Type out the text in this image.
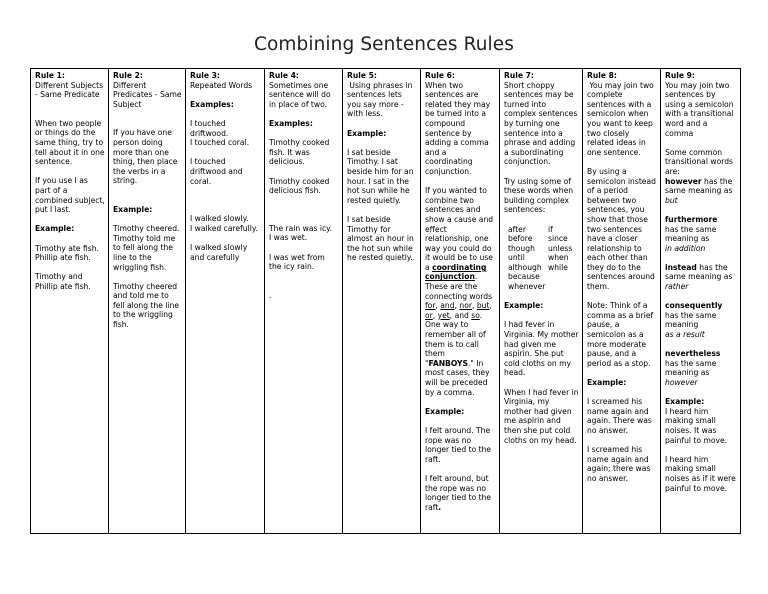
Combining Sentences Rules
Rule 1:
Different Subjects - Same Predicate
When two people or things do the same thing, try to tell about it in one sentence.
If you use I as part of a combined subject, put I last.
Example:
Timothy ate fish.
Phillip ate fish.
Timothy and Phillip ate fish.

Rule 2:
Different Predicates - Same Subject
If you have one person doing more than one thing, then place the verbs in a string.
Example:
Timothy cheered. Timothy told me to fell along the line to the wriggling fish.
Timothy cheered and told me to fell along the line to the wriggling fish.

Rule 3:
Repeated Words
Examples:
I touched driftwood.
I touched coral.
I touched driftwood and coral.
I walked slowly.
I walked carefully.
I walked slowly and carefully

Rule 4:
Sometimes one sentence will do in place of two.
Examples:
Timothy cooked fish. It was delicious.
Timothy cooked delicious fish.
The rain was icy.
I was wet.
I was wet from the icy rain.
.

Rule 5:
Using phrases in sentences lets you say more - with less.
Example:
I sat beside Timothy. I sat beside him for an hour. I sat in the hot sun while he rested quietly.
I sat beside Timothy for almost an hour in the hot sun while he rested quietly..

Rule 6:
When two sentences are related they may be turned into a compound sentence by adding a comma and a coordinating conjunction.
If you wanted to combine two sentences and show a cause and effect relationship, one way you could do it would be to use a coordinating conjunction. These are the connecting words for, and, nor, but, or, yet, and so. One way to remember all of them is to call them "FANBOYS." In most cases, they will be preceded by a comma.
Example:
I felt around. The rope was no longer tied to the raft.
I felt around, but the rope was no longer tied to the raft.

Rule 7:
Short choppy sentences may be turned into complex sentences by turning one sentence into a phrase and adding a subordinating conjunction.
Try using some of these words when building complex sentences:
after	if
before	since
though	unless
until	when
although while
because
whenever
Example:
I had fever in Virginia. My mother had given me aspirin. She put cold cloths on my head.
When I had fever in Virginia, my mother had given me aspirin and then she put cold cloths on my head.

Rule 8:
You may join two complete sentences with a semicolon when you want to keep two closely related ideas in one sentence.
By using a semicolon instead of a period between two sentences, you show that those two sentences have a closer relationship to each other than they do to the sentences around them.
Note: Think of a comma as a brief pause, a semicolon as a more moderate pause, and a period as a stop.
Example:
I screamed his name again and again. There was no answer.
I screamed his name again and again; there was no answer.

Rule 9:
You may join two sentences by using a semicolon with a transitional word and a comma
Some common transitional words are:
however has the same meaning as but
furthermore
has the same meaning as
in addition
instead has the same meaning as rather
consequently
has the same meaning
as a result
nevertheless
has the same meaning as
however
Example:
I heard him making small noises. It was painful to move.
I heard him making small noises as if it were painful to move.
